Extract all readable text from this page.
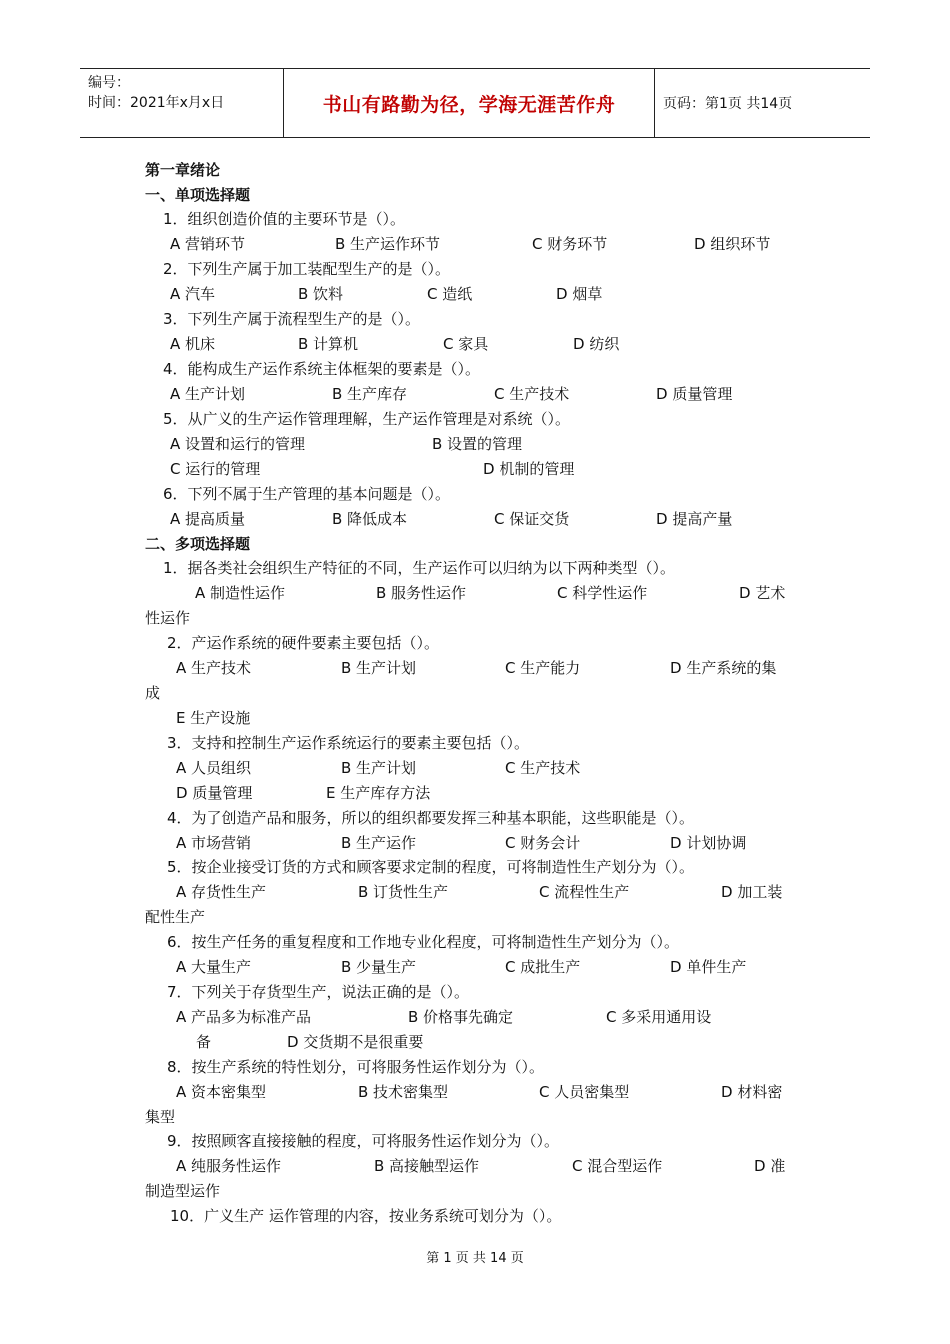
编号：
时间：2021年x月x日	书山有路勤为径，学海无涯苦作舟	页码：第1页 共14页
第一章绪论
一、单项选择题
1．组织创造价值的主要环节是（）。
A 营销环节	B 生产运作环节	C 财务环节	D 组织环节
2．下列生产属于加工装配型生产的是（）。
A 汽车	B 饮料	C 造纸	D 烟草
3．下列生产属于流程型生产的是（）。
A 机床	B 计算机	C 家具	D 纺织
4．能构成生产运作系统主体框架的要素是（）。
A 生产计划	B 生产库存	C 生产技术	D 质量管理
5．从广义的生产运作管理理解，生产运作管理是对系统（）。
A 设置和运行的管理	B 设置的管理
C 运行的管理	D 机制的管理
6．下列不属于生产管理的基本问题是（）。
A 提高质量	B 降低成本	C 保证交货	D 提高产量
二、多项选择题
1．据各类社会组织生产特征的不同，生产运作可以归纳为以下两种类型（）。
A 制造性运作	B 服务性运作	C 科学性运作	D 艺术
性运作
2．产运作系统的硬件要素主要包括（）。
A 生产技术	B 生产计划	C 生产能力	D 生产系统的集
成
E 生产设施
3．支持和控制生产运作系统运行的要素主要包括（）。
A 人员组织	B 生产计划	C 生产技术
D 质量管理	E 生产库存方法
4．为了创造产品和服务，所以的组织都要发挥三种基本职能，这些职能是（）。
A 市场营销	B 生产运作	C 财务会计	D 计划协调
5．按企业接受订货的方式和顾客要求定制的程度，可将制造性生产划分为（）。
A 存货性生产	B 订货性生产	C 流程性生产	D 加工装
配性生产
6．按生产任务的重复程度和工作地专业化程度，可将制造性生产划分为（）。
A 大量生产	B 少量生产	C 成批生产	D 单件生产
7．下列关于存货型生产，说法正确的是（）。
A 产品多为标准产品	B 价格事先确定	C 多采用通用设
备	D 交货期不是很重要
8．按生产系统的特性划分，可将服务性运作划分为（）。
A 资本密集型	B 技术密集型	C 人员密集型	D 材料密
集型
9．按照顾客直接接触的程度，可将服务性运作划分为（）。
A 纯服务性运作	B 高接触型运作	C 混合型运作	D 准
制造型运作
10．广义生产 运作管理的内容，按业务系统可划分为（）。
第 1 页 共 14 页
